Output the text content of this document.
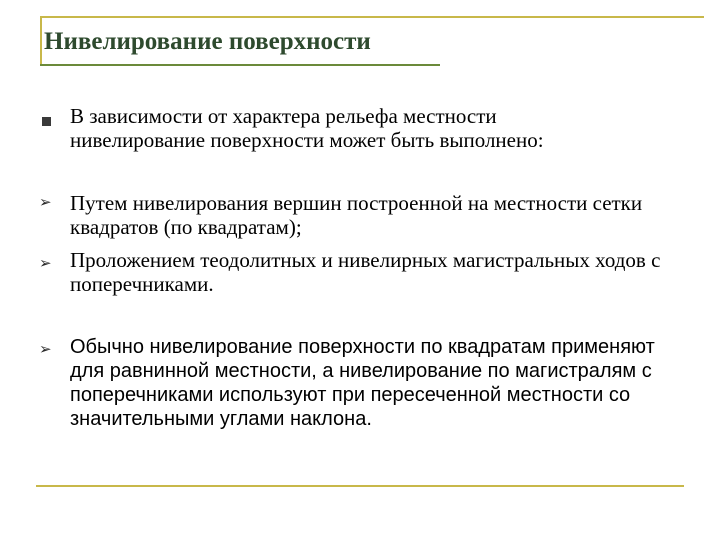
Нивелирование поверхности

В зависимости от характера рельефа местности нивелирование поверхности может быть выполнено:

➢ Путем нивелирования вершин построенной на местности сетки квадратов (по квадратам);

➢ Проложением теодолитных и нивелирных магистральных ходов с поперечниками.

➢ Обычно нивелирование поверхности по квадратам применяют для равнинной местности, а нивелирование по магистралям с поперечниками используют при пересеченной местности со значительными углами наклона.
